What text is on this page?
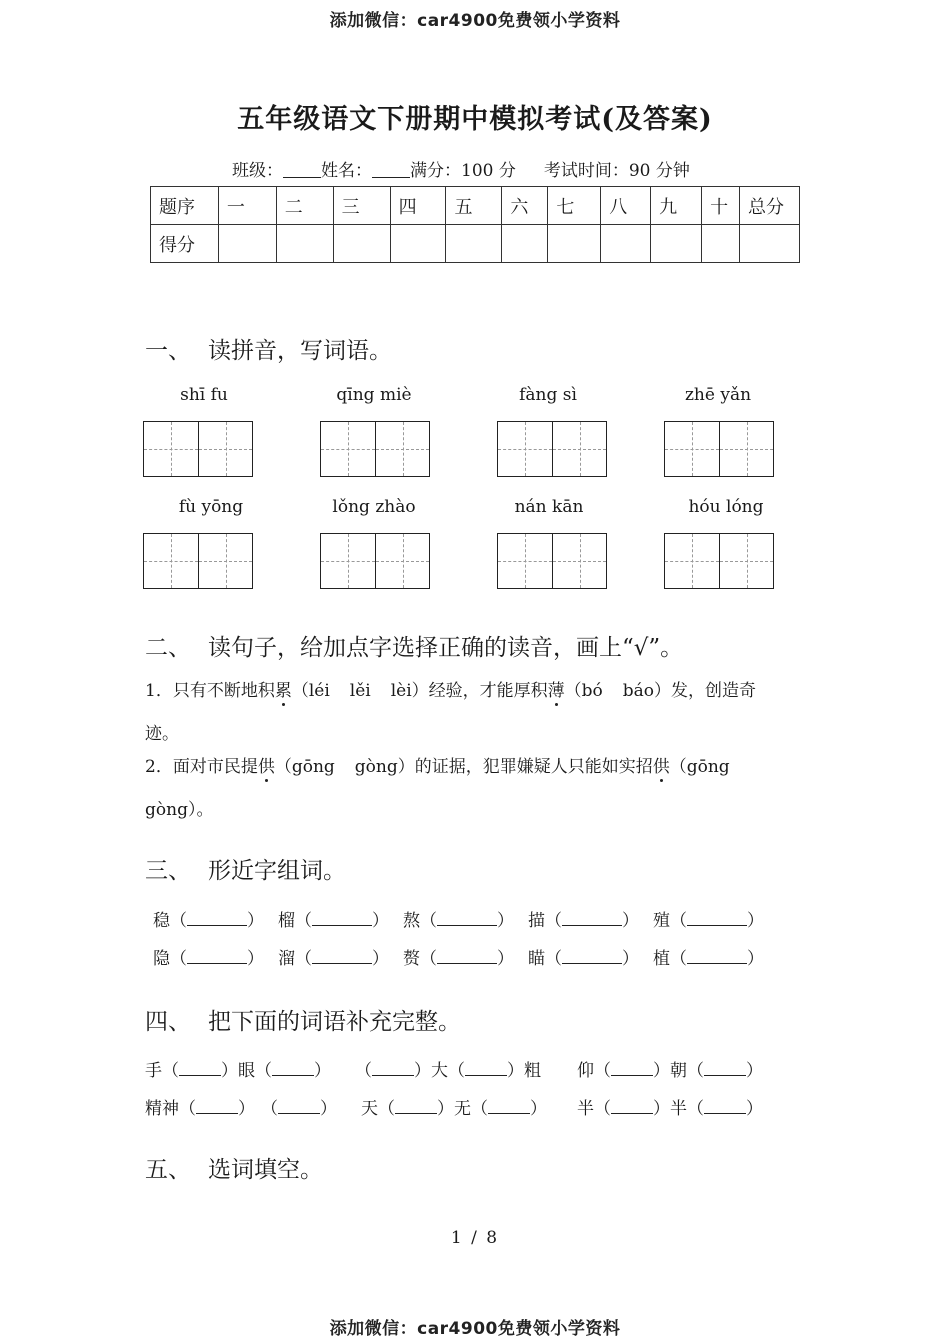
添加微信：car4900免费领小学资料
五年级语文下册期中模拟考试(及答案)
班级： 姓名： 满分：100 分 考试时间：90 分钟
题序	一	二	三	四	五	六	七	八	九	十	总分
得分											
一、 读拼音，写词语。
shī fu	qīng miè	fàng sì	zhē yǎn
fù yōng	lǒng zhào	nán kān	hóu lóng
二、 读句子，给加点字选择正确的读音，画上“√”。
1．只有不断地积累（léi lěi lèi）经验，才能厚积薄（bó báo）发，创造奇
迹。
2．面对市民提供（gōng gòng）的证据，犯罪嫌疑人只能如实招供（gōng
gòng）。
三、 形近字组词。
稳（	） 榴（	） 熬（	） 描（	） 殖（	）
隐（	） 溜（	） 赘（	） 瞄（	） 植（	）
四、 把下面的词语补充完整。
手（ ）眼（ ） （ ）大（ ）粗 仰（ ）朝（ ）
精神（ ） （ ） 天（ ）无（ ） 半（ ）半（ ）
五、 选词填空。
1 / 8
添加微信：car4900免费领小学资料
